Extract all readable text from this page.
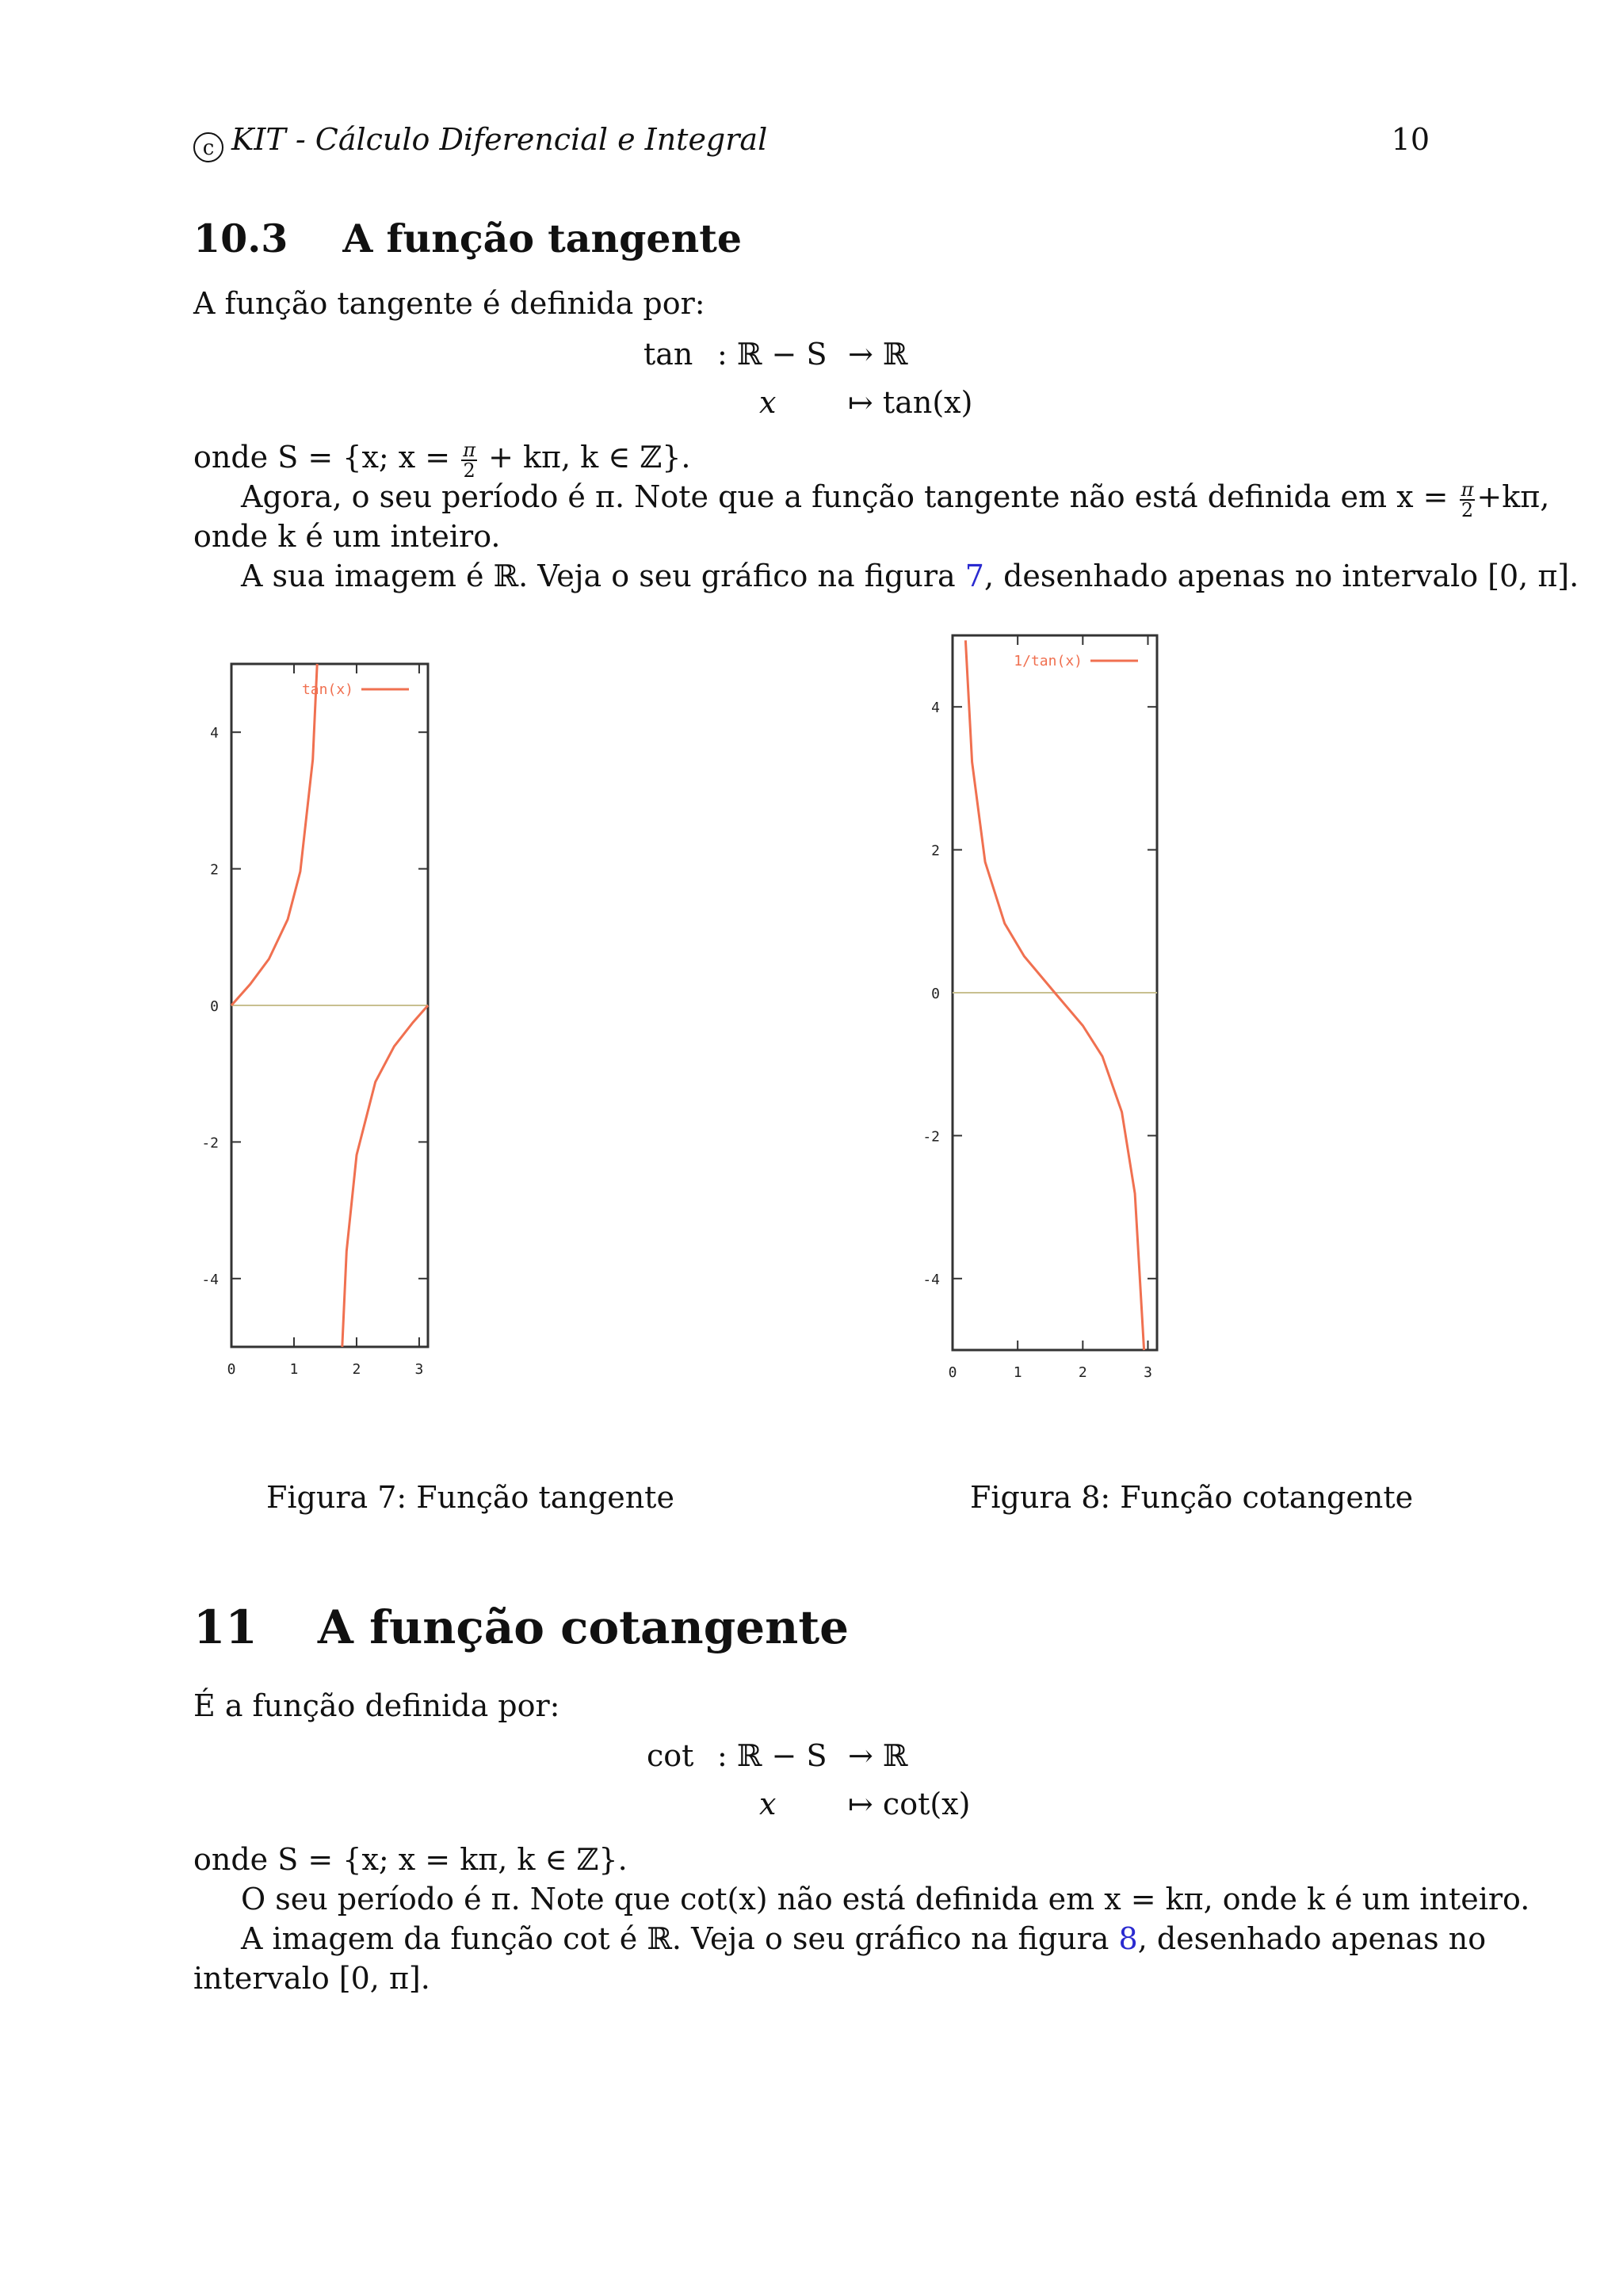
c KIT - Cálculo Diferencial e Integral	10
10.3 A função tangente
A função tangente é definida por:
tan : ℝ − S → ℝ
x ↦ tan(x)
onde S = {x; $x = \frac{\pi}{2} + k\pi$, k ∈ ℤ}.
Agora, o seu período é π. Note que a função tangente não está definida em $x = \frac{\pi}{2} +k\pi$,
onde k é um inteiro.
A sua imagem é ℝ. Veja o seu gráfico na figura 7, desenhado apenas no intervalo [0, π].
4
2
0
-2
-4
0	1	2	3
tan(x)
4
2
0
-2
-4
0	1	2	3
1/tan(x)
Figura 7: Função tangente	Figura 8: Função cotangente
11 A função cotangente
É a função definida por:
cot : ℝ − S → ℝ
x ↦ cot(x)
onde S = {x; x = kπ, k ∈ ℤ}.
O seu período é π. Note que cot(x) não está definida em x = kπ, onde k é um inteiro.
A imagem da função cot é ℝ. Veja o seu gráfico na figura 8, desenhado apenas no
intervalo [0, π].
